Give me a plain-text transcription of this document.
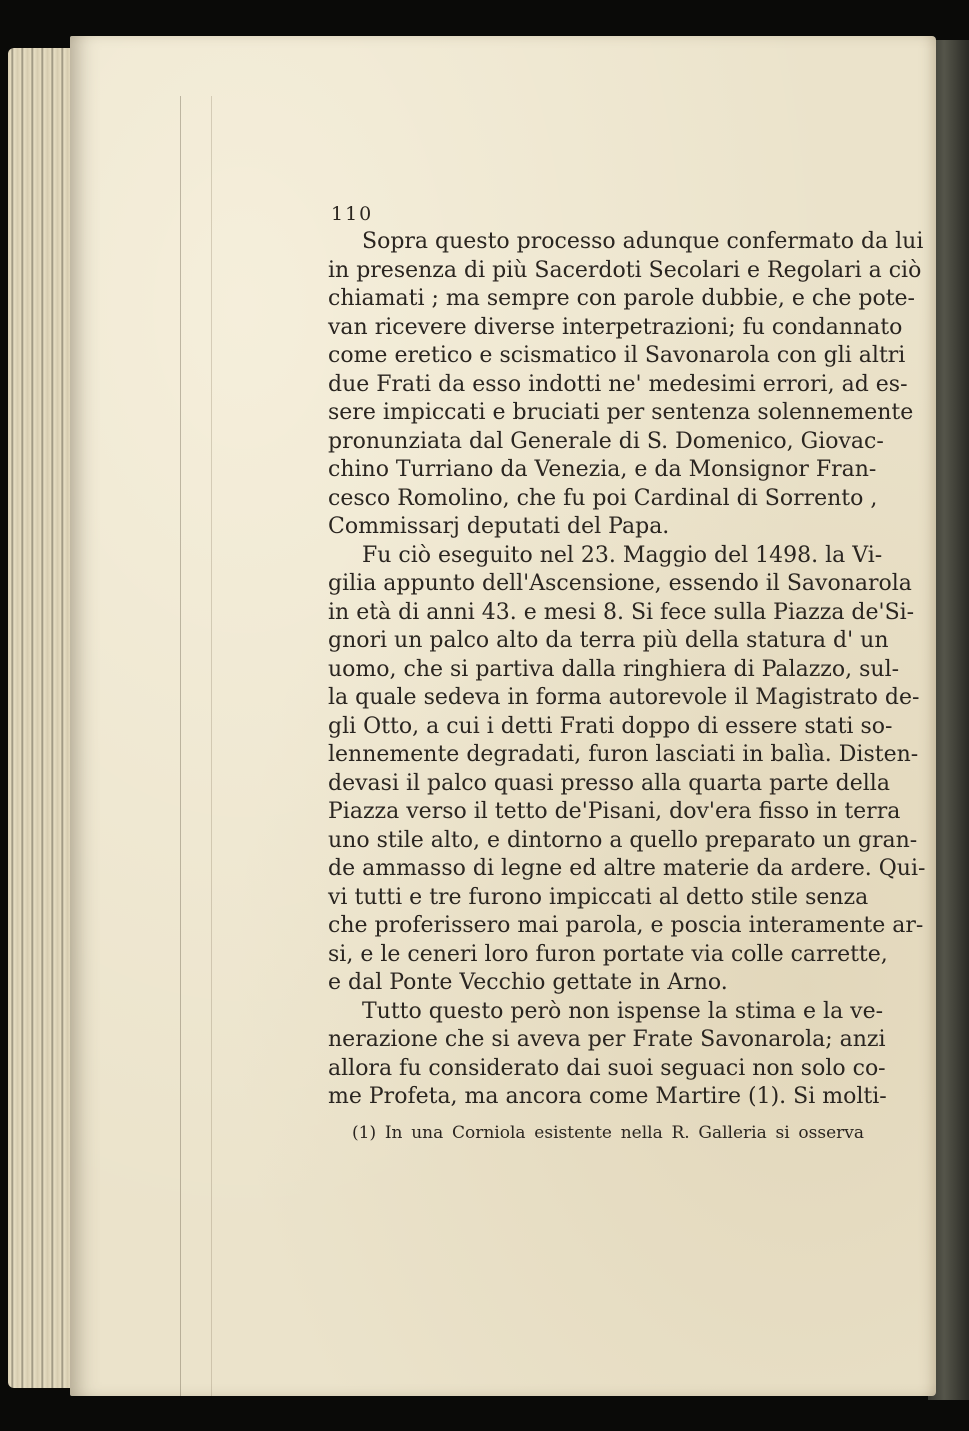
110
Sopra questo processo adunque confermato da lui
in presenza di più Sacerdoti Secolari e Regolari a ciò
chiamati ; ma sempre con parole dubbie, e che pote-
van ricevere diverse interpetrazioni; fu condannato
come eretico e scismatico il Savonarola con gli altri
due Frati da esso indotti ne' medesimi errori, ad es-
sere impiccati e bruciati per sentenza solennemente
pronunziata dal Generale di S. Domenico, Giovac-
chino Turriano da Venezia, e da Monsignor Fran-
cesco Romolino, che fu poi Cardinal di Sorrento ,
Commissarj deputati del Papa.
Fu ciò eseguito nel 23. Maggio del 1498. la Vi-
gilia appunto dell'Ascensione, essendo il Savonarola
in età di anni 43. e mesi 8. Si fece sulla Piazza de'Si-
gnori un palco alto da terra più della statura d' un
uomo, che si partiva dalla ringhiera di Palazzo, sul-
la quale sedeva in forma autorevole il Magistrato de-
gli Otto, a cui i detti Frati doppo di essere stati so-
lennemente degradati, furon lasciati in balìa. Disten-
devasi il palco quasi presso alla quarta parte della
Piazza verso il tetto de'Pisani, dov'era fisso in terra
uno stile alto, e dintorno a quello preparato un gran-
de ammasso di legne ed altre materie da ardere. Qui-
vi tutti e tre furono impiccati al detto stile senza
che proferissero mai parola, e poscia interamente ar-
si, e le ceneri loro furon portate via colle carrette,
e dal Ponte Vecchio gettate in Arno.
Tutto questo però non ispense la stima e la ve-
nerazione che si aveva per Frate Savonarola; anzi
allora fu considerato dai suoi seguaci non solo co-
me Profeta, ma ancora come Martire (1). Si molti-
(1) In una Corniola esistente nella R. Galleria si osserva
